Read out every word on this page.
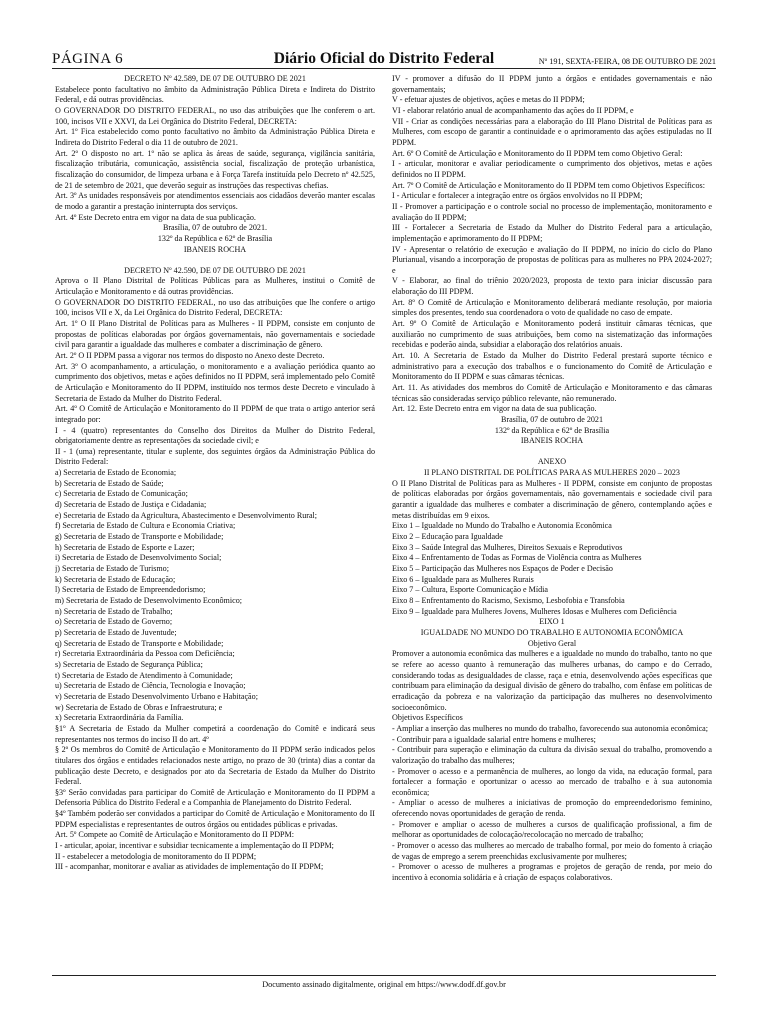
PÁGINA 6	Diário Oficial do Distrito Federal	Nº 191, SEXTA-FEIRA, 08 DE OUTUBRO DE 2021

DECRETO Nº 42.589, DE 07 DE OUTUBRO DE 2021

Estabelece ponto facultativo no âmbito da Administração Pública Direta e Indireta do Distrito Federal, e dá outras providências.

O GOVERNADOR DO DISTRITO FEDERAL, no uso das atribuições que lhe conferem o art. 100, incisos VII e XXVI, da Lei Orgânica do Distrito Federal, DECRETA:

Art. 1º Fica estabelecido como ponto facultativo no âmbito da Administração Pública Direta e Indireta do Distrito Federal o dia 11 de outubro de 2021.

Art. 2º O disposto no art. 1º não se aplica às áreas de saúde, segurança, vigilância sanitária, fiscalização tributária, comunicação, assistência social, fiscalização de proteção urbanística, fiscalização do consumidor, de limpeza urbana e à Força Tarefa instituída pelo Decreto nº 42.525, de 21 de setembro de 2021, que deverão seguir as instruções das respectivas chefias.

Art. 3º As unidades responsáveis por atendimentos essenciais aos cidadãos deverão manter escalas de modo a garantir a prestação ininterrupta dos serviços.

Art. 4º Este Decreto entra em vigor na data de sua publicação.

Brasília, 07 de outubro de 2021.

132º da República e 62º de Brasília

IBANEIS ROCHA

DECRETO Nº 42.590, DE 07 DE OUTUBRO DE 2021

Aprova o II Plano Distrital de Políticas Públicas para as Mulheres, institui o Comitê de Articulação e Monitoramento e dá outras providências.

O GOVERNADOR DO DISTRITO FEDERAL, no uso das atribuições que lhe confere o artigo 100, incisos VII e X, da Lei Orgânica do Distrito Federal, DECRETA:

Art. 1º O II Plano Distrital de Políticas para as Mulheres - II PDPM, consiste em conjunto de propostas de políticas elaboradas por órgãos governamentais, não governamentais e sociedade civil para garantir a igualdade das mulheres e combater a discriminação de gênero.

Art. 2º O II PDPM passa a vigorar nos termos do disposto no Anexo deste Decreto.

Art. 3º O acompanhamento, a articulação, o monitoramento e a avaliação periódica quanto ao cumprimento dos objetivos, metas e ações definidos no II PDPM, será implementado pelo Comitê de Articulação e Monitoramento do II PDPM, instituído nos termos deste Decreto e vinculado à Secretaria de Estado da Mulher do Distrito Federal.

Art. 4º O Comitê de Articulação e Monitoramento do II PDPM de que trata o artigo anterior será integrado por:

I - 4 (quatro) representantes do Conselho dos Direitos da Mulher do Distrito Federal, obrigatoriamente dentre as representações da sociedade civil; e

II - 1 (uma) representante, titular e suplente, dos seguintes órgãos da Administração Pública do Distrito Federal:

a) Secretaria de Estado de Economia;

b) Secretaria de Estado de Saúde;

c) Secretaria de Estado de Comunicação;

d) Secretaria de Estado de Justiça e Cidadania;

e) Secretaria de Estado da Agricultura, Abastecimento e Desenvolvimento Rural;

f) Secretaria de Estado de Cultura e Economia Criativa;

g) Secretaria de Estado de Transporte e Mobilidade;

h) Secretaria de Estado de Esporte e Lazer;

i) Secretaria de Estado de Desenvolvimento Social;

j) Secretaria de Estado de Turismo;

k) Secretaria de Estado de Educação;

l) Secretaria de Estado de Empreendedorismo;

m) Secretaria de Estado de Desenvolvimento Econômico;

n) Secretaria de Estado de Trabalho;

o) Secretaria de Estado de Governo;

p) Secretaria de Estado de Juventude;

q) Secretaria de Estado de Transporte e Mobilidade;

r) Secretaria Extraordinária da Pessoa com Deficiência;

s) Secretaria de Estado de Segurança Pública;

t) Secretaria de Estado de Atendimento à Comunidade;

u) Secretaria de Estado de Ciência, Tecnologia e Inovação;

v) Secretaria de Estado Desenvolvimento Urbano e Habitação;

w) Secretaria de Estado de Obras e Infraestrutura; e

x) Secretaria Extraordinária da Família.

§1º A Secretaria de Estado da Mulher competirá a coordenação do Comitê e indicará seus representantes nos termos do inciso II do art. 4º

§ 2º Os membros do Comitê de Articulação e Monitoramento do II PDPM serão indicados pelos titulares dos órgãos e entidades relacionados neste artigo, no prazo de 30 (trinta) dias a contar da publicação deste Decreto, e designados por ato da Secretaria de Estado da Mulher do Distrito Federal.

§3º Serão convidadas para participar do Comitê de Articulação e Monitoramento do II PDPM a Defensoria Pública do Distrito Federal e a Companhia de Planejamento do Distrito Federal.

§4º Também poderão ser convidados a participar do Comitê de Articulação e Monitoramento do II PDPM especialistas e representantes de outros órgãos ou entidades públicas e privadas.

Art. 5º Compete ao Comitê de Articulação e Monitoramento do II PDPM:

I - articular, apoiar, incentivar e subsidiar tecnicamente a implementação do II PDPM;

II - estabelecer a metodologia de monitoramento do II PDPM;

III - acompanhar, monitorar e avaliar as atividades de implementação do II PDPM;

IV - promover a difusão do II PDPM junto a órgãos e entidades governamentais e não governamentais;

V - efetuar ajustes de objetivos, ações e metas do II PDPM;

VI - elaborar relatório anual de acompanhamento das ações do II PDPM, e

VII - Criar as condições necessárias para a elaboração do III Plano Distrital de Políticas para as Mulheres, com escopo de garantir a continuidade e o aprimoramento das ações estipuladas no II PDPM.

Art. 6º O Comitê de Articulação e Monitoramento do II PDPM tem como Objetivo Geral:

I - articular, monitorar e avaliar periodicamente o cumprimento dos objetivos, metas e ações definidos no II PDPM.

Art. 7º O Comitê de Articulação e Monitoramento do II PDPM tem como Objetivos Específicos:

I - Articular e fortalecer a integração entre os órgãos envolvidos no II PDPM;

II - Promover a participação e o controle social no processo de implementação, monitoramento e avaliação do II PDPM;

III - Fortalecer a Secretaria de Estado da Mulher do Distrito Federal para a articulação, implementação e aprimoramento do II PDPM;

IV - Apresentar o relatório de execução e avaliação do II PDPM, no início do ciclo do Plano Plurianual, visando a incorporação de propostas de políticas para as mulheres no PPA 2024-2027; e

V - Elaborar, ao final do triênio 2020/2023, proposta de texto para iniciar discussão para elaboração do III PDPM.

Art. 8º O Comitê de Articulação e Monitoramento deliberará mediante resolução, por maioria simples dos presentes, tendo sua coordenadora o voto de qualidade no caso de empate.

Art. 9º O Comitê de Articulação e Monitoramento poderá instituir câmaras técnicas, que auxiliarão no cumprimento de suas atribuições, bem como na sistematização das informações recebidas e poderão ainda, subsidiar a elaboração dos relatórios anuais.

Art. 10. A Secretaria de Estado da Mulher do Distrito Federal prestará suporte técnico e administrativo para a execução dos trabalhos e o funcionamento do Comitê de Articulação e Monitoramento do II PDPM e suas câmaras técnicas.

Art. 11. As atividades dos membros do Comitê de Articulação e Monitoramento e das câmaras técnicas são consideradas serviço público relevante, não remunerado.

Art. 12. Este Decreto entra em vigor na data de sua publicação.

Brasília, 07 de outubro de 2021

132º da República e 62º de Brasília

IBANEIS ROCHA

ANEXO

II PLANO DISTRITAL DE POLÍTICAS PARA AS MULHERES 2020 – 2023

O II Plano Distrital de Políticas para as Mulheres - II PDPM, consiste em conjunto de propostas de políticas elaboradas por órgãos governamentais, não governamentais e sociedade civil para garantir a igualdade das mulheres e combater a discriminação de gênero, contemplando ações e metas distribuídas em 9 eixos.

Eixo 1 – Igualdade no Mundo do Trabalho e Autonomia Econômica

Eixo 2 – Educação para Igualdade

Eixo 3 – Saúde Integral das Mulheres, Direitos Sexuais e Reprodutivos

Eixo 4 – Enfrentamento de Todas as Formas de Violência contra as Mulheres

Eixo 5 – Participação das Mulheres nos Espaços de Poder e Decisão

Eixo 6 – Igualdade para as Mulheres Rurais

Eixo 7 – Cultura, Esporte Comunicação e Mídia

Eixo 8 – Enfrentamento do Racismo, Sexismo, Lesbofobia e Transfobia

Eixo 9 – Igualdade para Mulheres Jovens, Mulheres Idosas e Mulheres com Deficiência

EIXO 1

IGUALDADE NO MUNDO DO TRABALHO E AUTONOMIA ECONÔMICA

Objetivo Geral

Promover a autonomia econômica das mulheres e a igualdade no mundo do trabalho, tanto no que se refere ao acesso quanto à remuneração das mulheres urbanas, do campo e do Cerrado, considerando todas as desigualdades de classe, raça e etnia, desenvolvendo ações específicas que contribuam para eliminação da desigual divisão de gênero do trabalho, com ênfase em políticas de erradicação da pobreza e na valorização da participação das mulheres no desenvolvimento socioeconômico.

Objetivos Específicos

- Ampliar a inserção das mulheres no mundo do trabalho, favorecendo sua autonomia econômica;

- Contribuir para a igualdade salarial entre homens e mulheres;

- Contribuir para superação e eliminação da cultura da divisão sexual do trabalho, promovendo a valorização do trabalho das mulheres;

- Promover o acesso e a permanência de mulheres, ao longo da vida, na educação formal, para fortalecer a formação e oportunizar o acesso ao mercado de trabalho e à sua autonomia econômica;

- Ampliar o acesso de mulheres a iniciativas de promoção do empreendedorismo feminino, oferecendo novas oportunidades de geração de renda.

- Promover e ampliar o acesso de mulheres a cursos de qualificação profissional, a fim de melhorar as oportunidades de colocação/recolocação no mercado de trabalho;

- Promover o acesso das mulheres ao mercado de trabalho formal, por meio do fomento à criação de vagas de emprego a serem preenchidas exclusivamente por mulheres;

- Promover o acesso de mulheres a programas e projetos de geração de renda, por meio do incentivo à economia solidária e à criação de espaços colaborativos.

Documento assinado digitalmente, original em https://www.dodf.df.gov.br
